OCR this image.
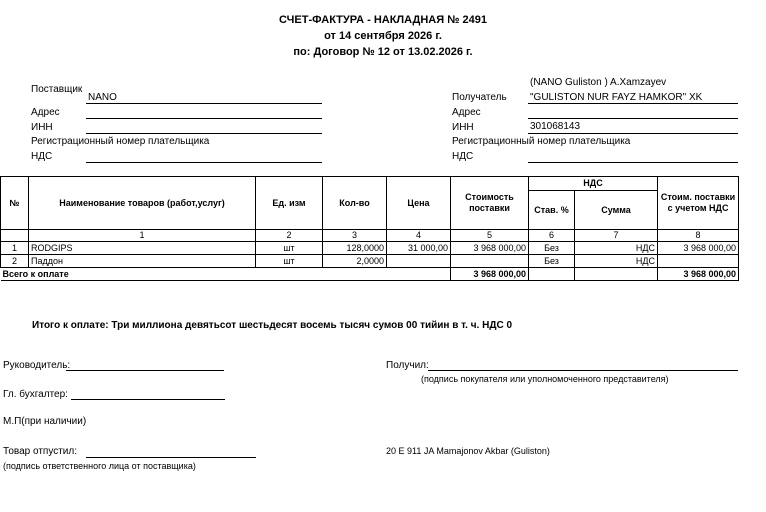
СЧЕТ-ФАКТУРА - НАКЛАДНАЯ № 2491
от 14 сентября 2026 г.
по: Договор № 12 от 13.02.2026 г.
Поставщик
NANO
Адрес
ИНН
Регистрационный номер плательщика
НДС
(NANO Guliston ) A.Xamzayev
Получатель "GULISTON NUR FAYZ HAMKOR" XK
Адрес
ИНН	301068143
Регистрационный номер плательщика
НДС
№	Наименование товаров (работ,услуг)	Ед. изм	Кол-во	Цена	Стоимость поставки	НДС		Стоим. поставки с учетом НДС
						Став. %	Сумма	
	1	2	3	4	5	6	7	8
1	RODGIPS	шт	128,0000	31 000,00	3 968 000,00	Без	НДС	3 968 000,00
2	Паддон	шт	2,0000			Без	НДС	
Всего к оплате					3 968 000,00			3 968 000,00
Итого к оплате: Три миллиона девятьсот шестьдесят восемь тысяч сумов 00 тийин в т. ч. НДС 0
Руководитель:	Получил:
(подпись покупателя или уполномоченного представителя)
Гл. бухгалтер:
М.П(при наличии)
Товар отпустил:
(подпись ответственного лица от поставщика)
20 E 911 JA Mamajonov Akbar (Guliston)
